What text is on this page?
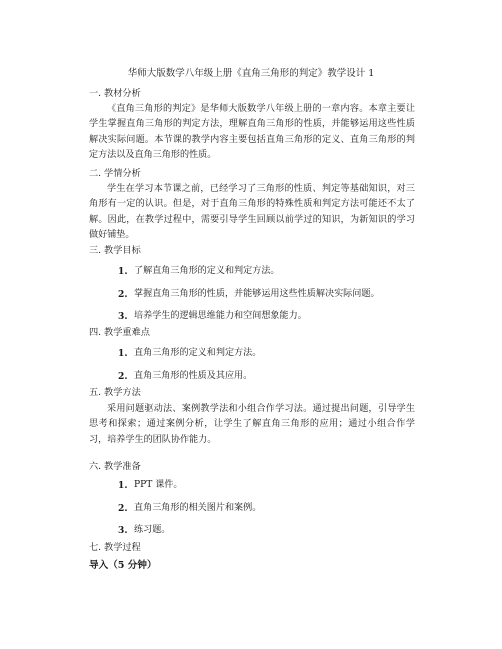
华师大版数学八年级上册《直角三角形的判定》教学设计 1
一. 教材分析

《直角三角形的判定》是华师大版数学八年级上册的一章内容。本章主要让学生掌握直角三角形的判定方法，理解直角三角形的性质，并能够运用这些性质解决实际问题。本节课的教学内容主要包括直角三角形的定义、直角三角形的判定方法以及直角三角形的性质。

二. 学情分析

学生在学习本节课之前，已经学习了三角形的性质、判定等基础知识，对三角形有一定的认识。但是，对于直角三角形的特殊性质和判定方法可能还不太了解。因此，在教学过程中，需要引导学生回顾以前学过的知识，为新知识的学习做好铺垫。

三. 教学目标
1. 了解直角三角形的定义和判定方法。
2. 掌握直角三角形的性质，并能够运用这些性质解决实际问题。
3. 培养学生的逻辑思维能力和空间想象能力。
四. 教学重难点
1. 直角三角形的定义和判定方法。
2. 直角三角形的性质及其应用。
五. 教学方法

采用问题驱动法、案例教学法和小组合作学习法。通过提出问题，引导学生思考和探索；通过案例分析，让学生了解直角三角形的应用；通过小组合作学习，培养学生的团队协作能力。

六. 教学准备
1. PPT 课件。
2. 直角三角形的相关图片和案例。
3. 练习题。
七. 教学过程
导入（5 分钟）
